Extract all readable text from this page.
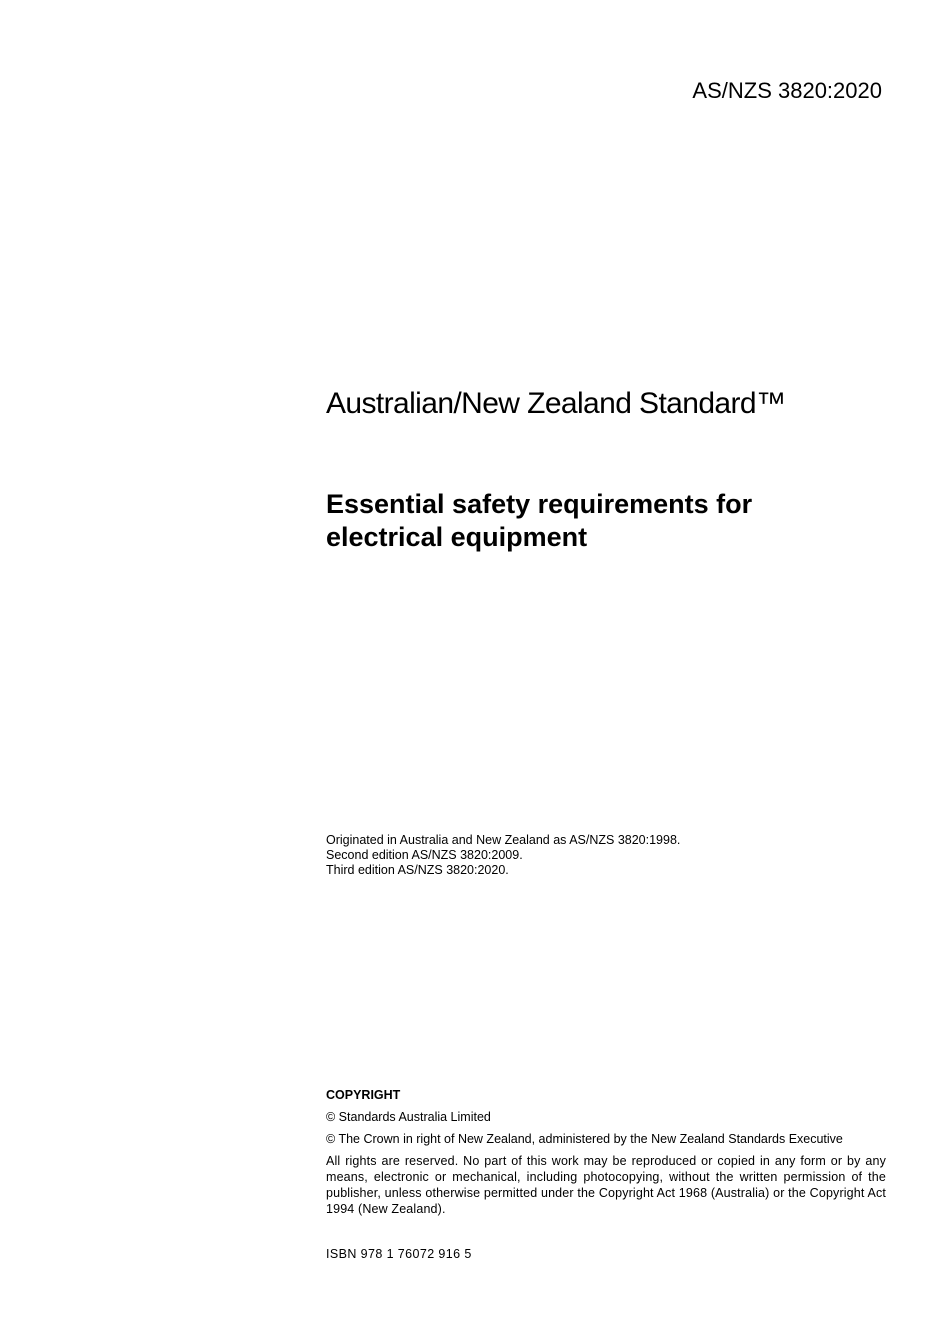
AS/NZS 3820:2020
Australian/New Zealand Standard™
Essential safety requirements for
electrical equipment
Originated in Australia and New Zealand as AS/NZS 3820:1998.
Second edition AS/NZS 3820:2009.
Third edition AS/NZS 3820:2020.
COPYRIGHT
© Standards Australia Limited
© The Crown in right of New Zealand, administered by the New Zealand Standards Executive
All rights are reserved. No part of this work may be reproduced or copied in any form or by any means, electronic or mechanical, including photocopying, without the written permission of the publisher, unless otherwise permitted under the Copyright Act 1968 (Australia) or the Copyright Act 1994 (New Zealand).
ISBN 978 1 76072 916 5
